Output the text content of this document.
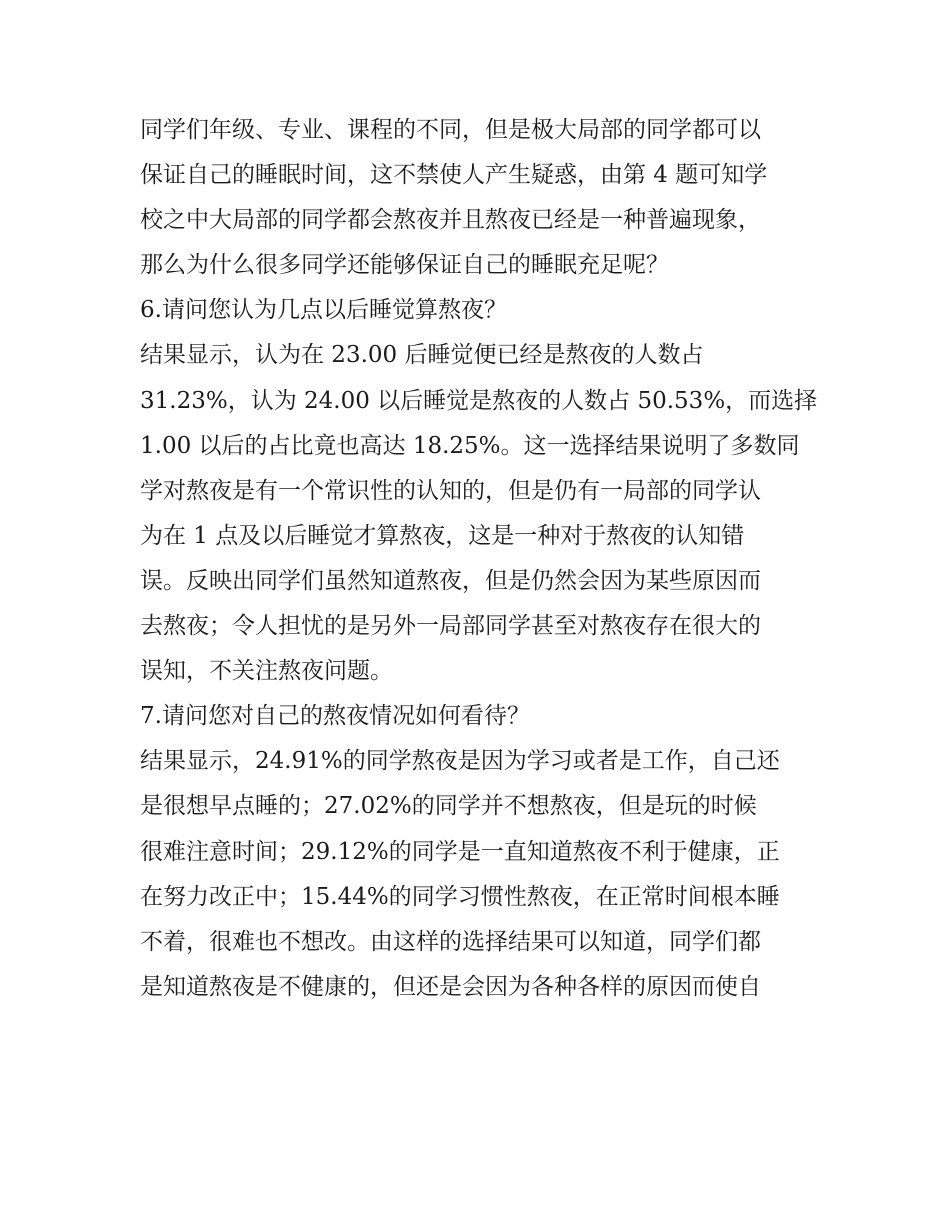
同学们年级、专业、课程的不同，但是极大局部的同学都可以
保证自己的睡眠时间，这不禁使人产生疑惑，由第 4 题可知学
校之中大局部的同学都会熬夜并且熬夜已经是一种普遍现象，
那么为什么很多同学还能够保证自己的睡眠充足呢？
6.请问您认为几点以后睡觉算熬夜？
结果显示，认为在 23.00 后睡觉便已经是熬夜的人数占
31.23%，认为 24.00 以后睡觉是熬夜的人数占 50.53%，而选择
1.00 以后的占比竟也高达 18.25%。这一选择结果说明了多数同
学对熬夜是有一个常识性的认知的，但是仍有一局部的同学认
为在 1 点及以后睡觉才算熬夜，这是一种对于熬夜的认知错
误。反映出同学们虽然知道熬夜，但是仍然会因为某些原因而
去熬夜；令人担忧的是另外一局部同学甚至对熬夜存在很大的
误知，不关注熬夜问题。
7.请问您对自己的熬夜情况如何看待？
结果显示，24.91%的同学熬夜是因为学习或者是工作，自己还
是很想早点睡的；27.02%的同学并不想熬夜，但是玩的时候
很难注意时间；29.12%的同学是一直知道熬夜不利于健康，正
在努力改正中；15.44%的同学习惯性熬夜，在正常时间根本睡
不着，很难也不想改。由这样的选择结果可以知道，同学们都
是知道熬夜是不健康的，但还是会因为各种各样的原因而使自
